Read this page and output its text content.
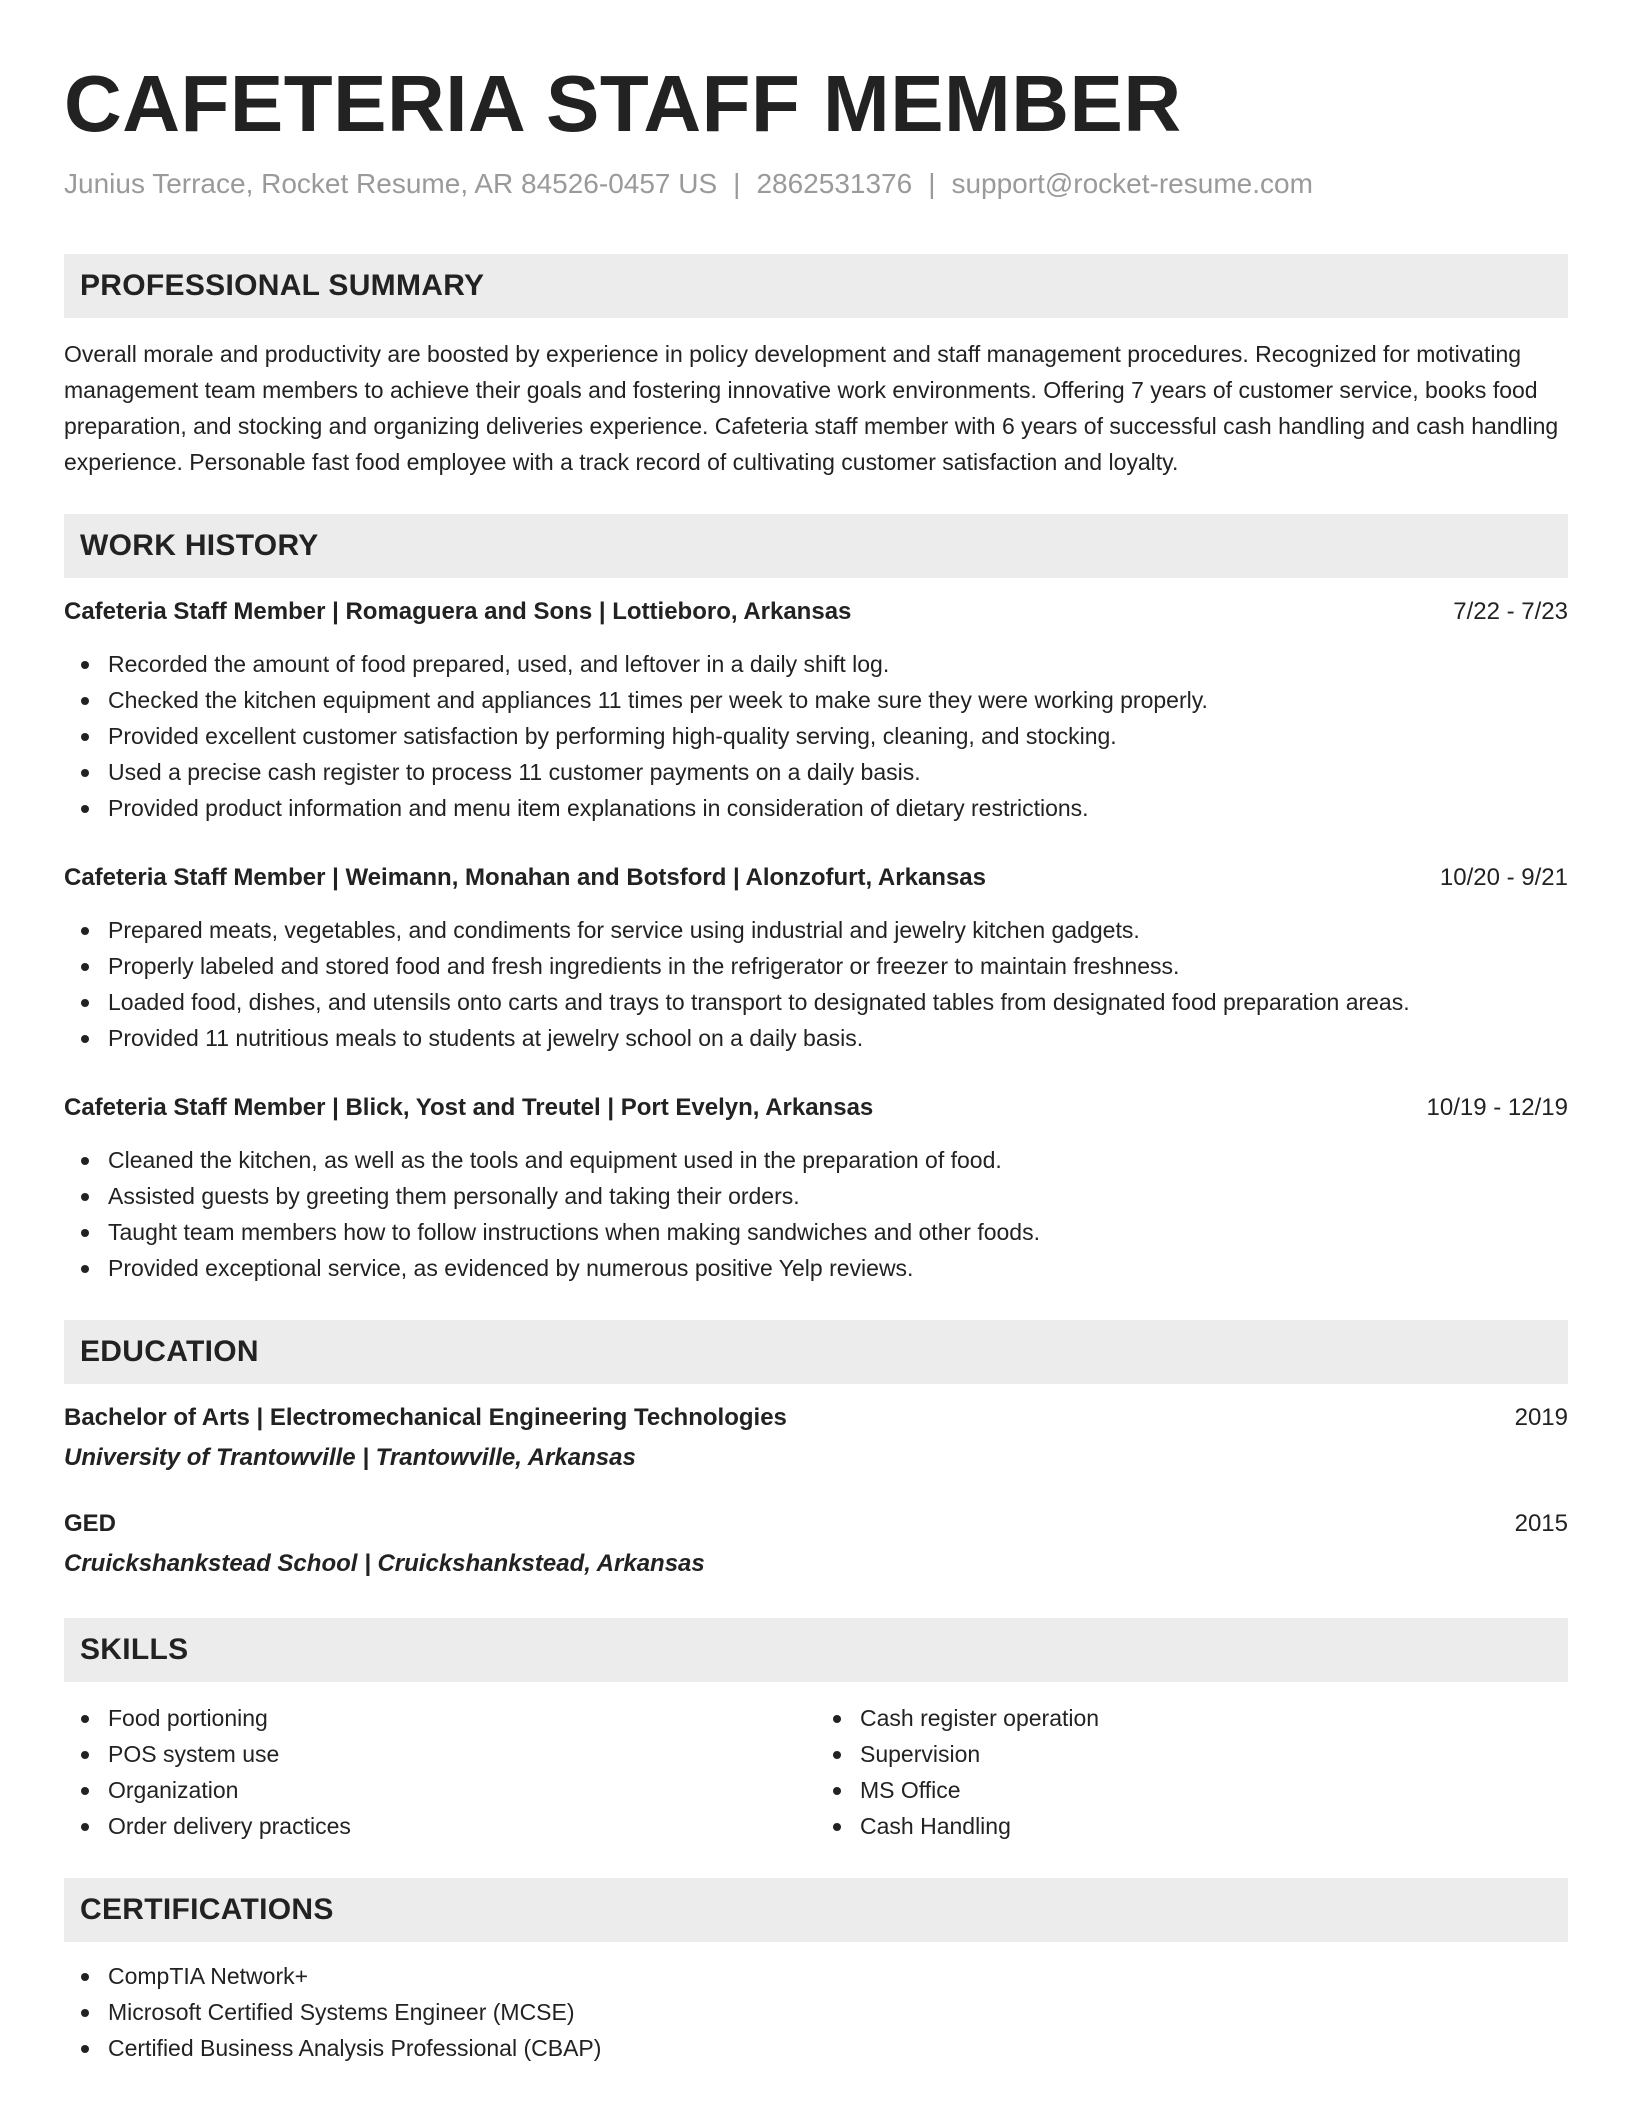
CAFETERIA STAFF MEMBER
Junius Terrace, Rocket Resume, AR 84526-0457 US | 2862531376 | support@rocket-resume.com
PROFESSIONAL SUMMARY

Overall morale and productivity are boosted by experience in policy development and staff management procedures. Recognized for motivating management team members to achieve their goals and fostering innovative work environments. Offering 7 years of customer service, books food preparation, and stocking and organizing deliveries experience. Cafeteria staff member with 6 years of successful cash handling and cash handling experience. Personable fast food employee with a track record of cultivating customer satisfaction and loyalty.

WORK HISTORY
Cafeteria Staff Member | Romaguera and Sons | Lottieboro, Arkansas	7/22 - 7/23
Recorded the amount of food prepared, used, and leftover in a daily shift log.
Checked the kitchen equipment and appliances 11 times per week to make sure they were working properly.
Provided excellent customer satisfaction by performing high-quality serving, cleaning, and stocking.
Used a precise cash register to process 11 customer payments on a daily basis.
Provided product information and menu item explanations in consideration of dietary restrictions.
Cafeteria Staff Member | Weimann, Monahan and Botsford | Alonzofurt, Arkansas	10/20 - 9/21
Prepared meats, vegetables, and condiments for service using industrial and jewelry kitchen gadgets.
Properly labeled and stored food and fresh ingredients in the refrigerator or freezer to maintain freshness.
Loaded food, dishes, and utensils onto carts and trays to transport to designated tables from designated food preparation areas.
Provided 11 nutritious meals to students at jewelry school on a daily basis.
Cafeteria Staff Member | Blick, Yost and Treutel | Port Evelyn, Arkansas	10/19 - 12/19
Cleaned the kitchen, as well as the tools and equipment used in the preparation of food.
Assisted guests by greeting them personally and taking their orders.
Taught team members how to follow instructions when making sandwiches and other foods.
Provided exceptional service, as evidenced by numerous positive Yelp reviews.
EDUCATION
Bachelor of Arts | Electromechanical Engineering Technologies	2019
University of Trantowville | Trantowville, Arkansas
GED	2015
Cruickshankstead School | Cruickshankstead, Arkansas
SKILLS
Food portioning
POS system use
Organization
Order delivery practices
Cash register operation
Supervision
MS Office
Cash Handling
CERTIFICATIONS
CompTIA Network+
Microsoft Certified Systems Engineer (MCSE)
Certified Business Analysis Professional (CBAP)
